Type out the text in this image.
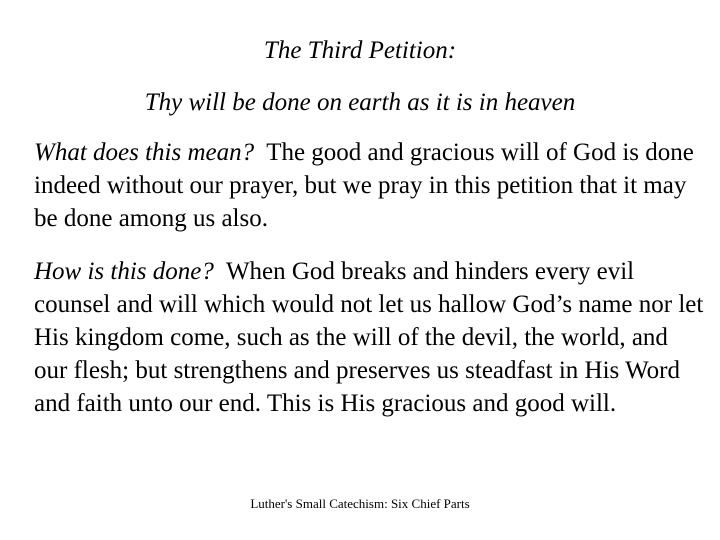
The Third Petition:
Thy will be done on earth as it is in heaven

What does this mean? The good and gracious will of God is done indeed without our prayer, but we pray in this petition that it may be done among us also.

How is this done? When God breaks and hinders every evil counsel and will which would not let us hallow God’s name nor let His kingdom come, such as the will of the devil, the world, and our flesh; but strengthens and preserves us steadfast in His Word and faith unto our end. This is His gracious and good will.

Luther's Small Catechism: Six Chief Parts
